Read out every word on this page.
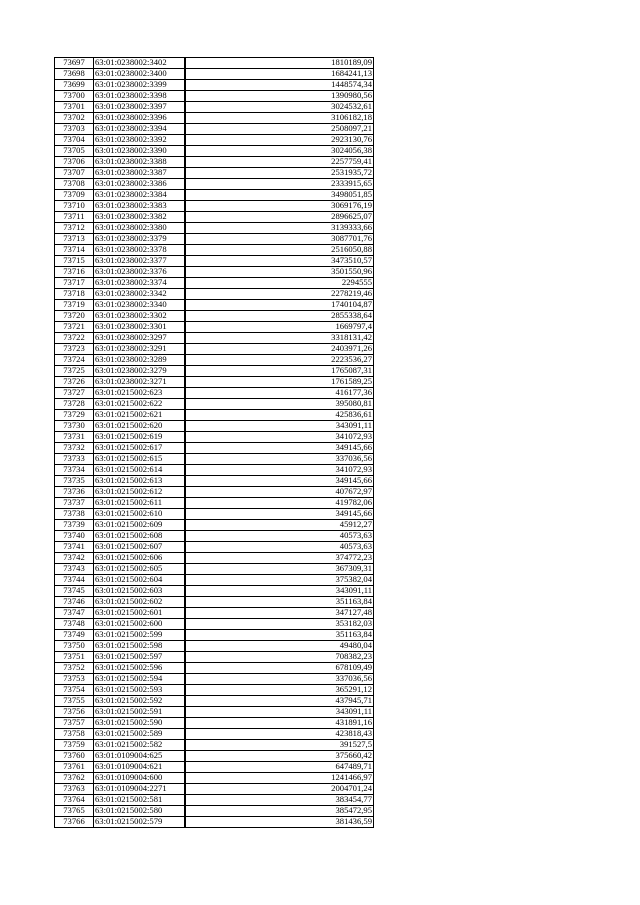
73697	63:01:0238002:3402	1810189,09
73698	63:01:0238002:3400	1684241,13
73699	63:01:0238002:3399	1448574,34
73700	63:01:0238002:3398	1390980,56
73701	63:01:0238002:3397	3024532,61
73702	63:01:0238002:3396	3106182,18
73703	63:01:0238002:3394	2508097,21
73704	63:01:0238002:3392	2923130,76
73705	63:01:0238002:3390	3024056,38
73706	63:01:0238002:3388	2257759,41
73707	63:01:0238002:3387	2531935,72
73708	63:01:0238002:3386	2333915,65
73709	63:01:0238002:3384	3498051,85
73710	63:01:0238002:3383	3069176,19
73711	63:01:0238002:3382	2896625,07
73712	63:01:0238002:3380	3139333,66
73713	63:01:0238002:3379	3087701,76
73714	63:01:0238002:3378	2516050,88
73715	63:01:0238002:3377	3473510,57
73716	63:01:0238002:3376	3501550,96
73717	63:01:0238002:3374	2294555
73718	63:01:0238002:3342	2278219,46
73719	63:01:0238002:3340	1740104,87
73720	63:01:0238002:3302	2855338,64
73721	63:01:0238002:3301	1669797,4
73722	63:01:0238002:3297	3318131,42
73723	63:01:0238002:3291	2403971,26
73724	63:01:0238002:3289	2223536,27
73725	63:01:0238002:3279	1765087,31
73726	63:01:0238002:3271	1761589,25
73727	63:01:0215002:623	416177,36
73728	63:01:0215002:622	395080,81
73729	63:01:0215002:621	425836,61
73730	63:01:0215002:620	343091,11
73731	63:01:0215002:619	341072,93
73732	63:01:0215002:617	349145,66
73733	63:01:0215002:615	337036,56
73734	63:01:0215002:614	341072,93
73735	63:01:0215002:613	349145,66
73736	63:01:0215002:612	407672,97
73737	63:01:0215002:611	419782,06
73738	63:01:0215002:610	349145,66
73739	63:01:0215002:609	45912,27
73740	63:01:0215002:608	40573,63
73741	63:01:0215002:607	40573,63
73742	63:01:0215002:606	374772,23
73743	63:01:0215002:605	367309,31
73744	63:01:0215002:604	375382,04
73745	63:01:0215002:603	343091,11
73746	63:01:0215002:602	351163,84
73747	63:01:0215002:601	347127,48
73748	63:01:0215002:600	353182,03
73749	63:01:0215002:599	351163,84
73750	63:01:0215002:598	49480,04
73751	63:01:0215002:597	708382,23
73752	63:01:0215002:596	678109,49
73753	63:01:0215002:594	337036,56
73754	63:01:0215002:593	365291,12
73755	63:01:0215002:592	437945,71
73756	63:01:0215002:591	343091,11
73757	63:01:0215002:590	431891,16
73758	63:01:0215002:589	423818,43
73759	63:01:0215002:582	391527,5
73760	63:01:0109004:625	375660,42
73761	63:01:0109004:621	647489,71
73762	63:01:0109004:600	1241466,97
73763	63:01:0109004:2271	2004701,24
73764	63:01:0215002:581	383454,77
73765	63:01:0215002:580	385472,95
73766	63:01:0215002:579	381436,59
